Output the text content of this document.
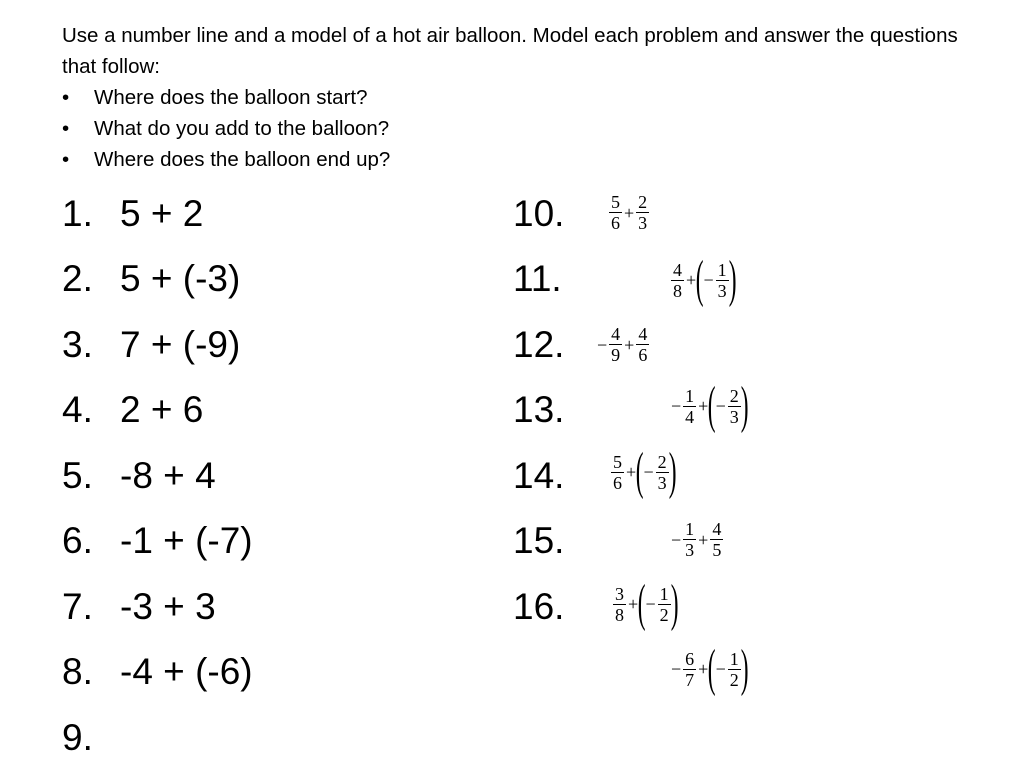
Use a number line and a model of a hot air balloon. Model each problem and answer the questions that follow:

• Where does the balloon start?
• What do you add to the balloon?
• Where does the balloon end up?
1. 5 + 2
2. 5 + (-3)
3. 7 + (-9)
4. 2 + 6
5. -8 + 4
6. -1 + (-7)
7. -3 + 3
8. -4 + (-6)
9.
10.
11.
12.
13.
14.
15.
16.
$\frac{5}{6} + \frac{2}{3}$
$\frac{4}{8}$ + ( − $\frac{1}{3}$ )
− $\frac{4}{9} + \frac{4}{6}$
− $\frac{1}{4}$ + ( − $\frac{2}{3}$ )
$\frac{5}{6}$ + ( − $\frac{2}{3}$ )
− $\frac{1}{3} + \frac{4}{5}$
$\frac{3}{8}$ + ( − $\frac{1}{2}$ )
− $\frac{6}{7}$ + ( − $\frac{1}{2}$ )
